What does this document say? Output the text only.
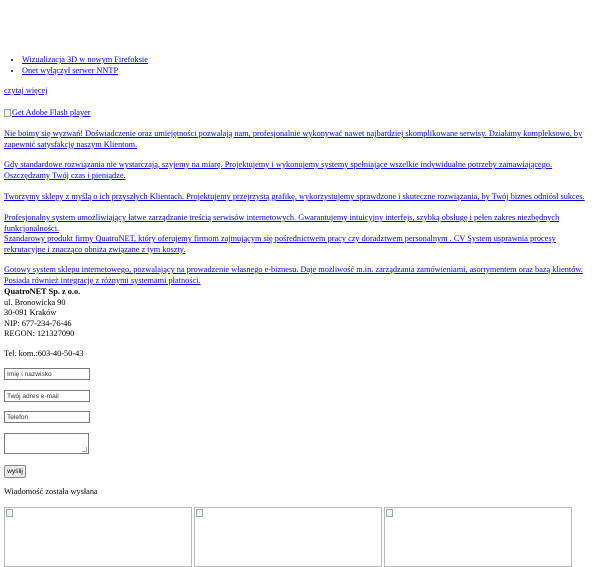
• Wizualizacja 3D w nowym Firefoksie
• Onet wyłączył serwer NNTP
czytaj więcej
Get Adobe Flash player
Nie boimy się wyzwań! Doświadczenie oraz umiejętności pozwalają nam, profesjonalnie wykonywać nawet najbardziej skomplikowane serwisy. Działamy kompleksowo, by zapewnić satysfakcję naszym Klientom.
Gdy standardowe rozwiązania nie wystarczają, szyjemy na miarę. Projektujemy i wykonujemy systemy spełniające wszelkie indywidualne potrzeby zamawiającego. Oszczędzamy Twój czas i pieniądze.
Tworzymy sklepy z myślą o ich przyszłych Klientach. Projektujemy przejrzystą grafikę, wykorzystujemy sprawdzone i skuteczne rozwiązania, by Twój biznes odniósł sukces.
Profesjonalny system umożliwiający łatwe zarządzanie treścią serwisów internetowych. Gwarantujemy intuicyjny interfejs, szybką obsługę i pełen zakres niezbędnych funkcjonalności.
Szandarowy produkt firmy QuatroNET, który oferujemy firmom zajmującym się pośrednictwem pracy czy doradztwem personalnym . CV System usprawnia procesy rekrutacyjne i znacząco obniża związane z tym koszty.
Gotowy system sklepu internetowego, pozwalający na prowadzenie własnego e-biznesu. Daje możliwość m.in. zarządzania zamówieniami, asortymentem oraz bazą klientów. Posiada również integrację z różnymi systemami płatności.
QuatroNET Sp. z o.o.
ul. Bronowicka 90
30-091 Kraków
NIP: 677-234-76-46
REGON: 121327090
Tel. kom.:603-40-50-43
Imię i nazwisko
Twój adres e-mail
Telefon
wyślij
Wiadomość została wysłana
